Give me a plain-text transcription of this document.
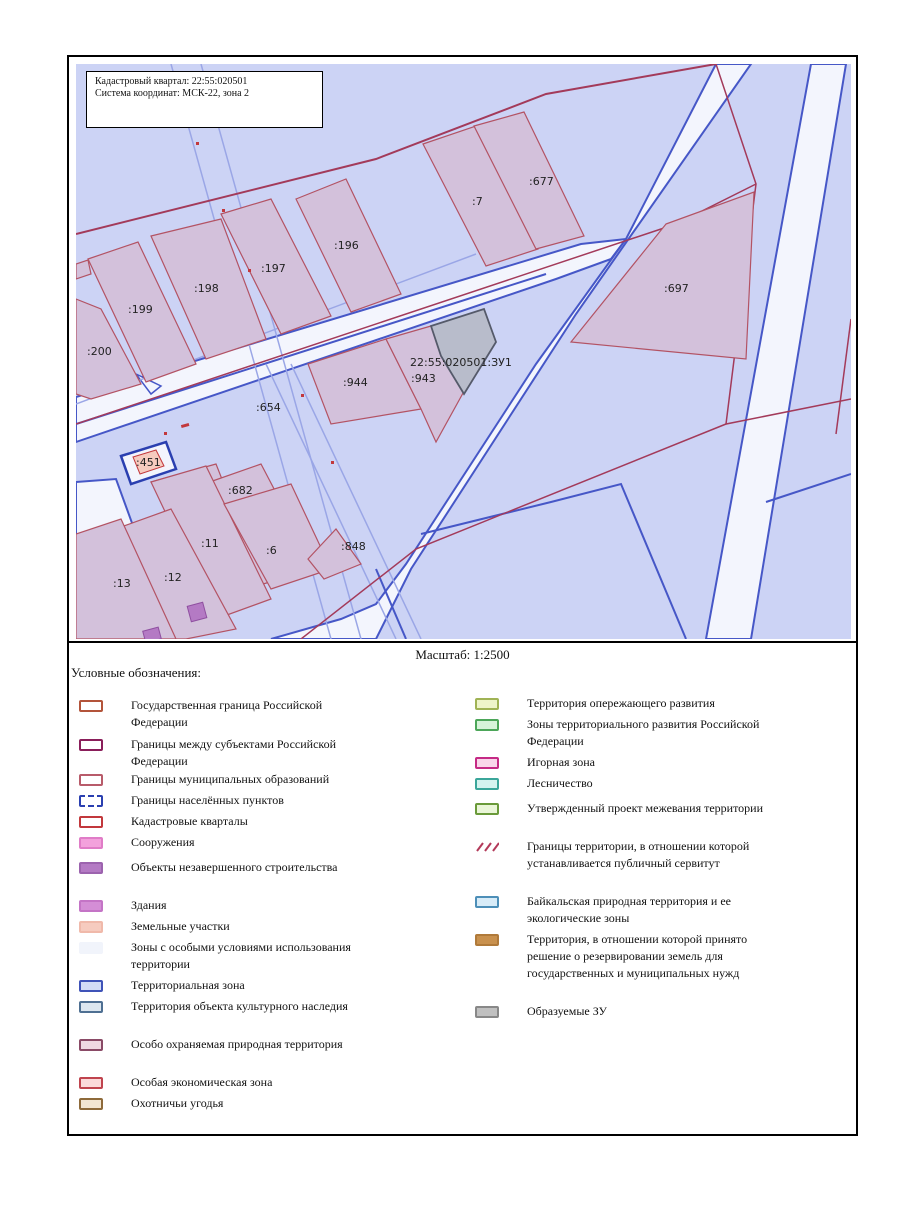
:677
:7
:196
:197
:198
:199
:200
:697
22:55:020501:ЗУ1
:943
:944
:654
:451
:682
:11
:6	:848
:12
:13
Кадастровый квартал: 22:55:020501
Система координат: МСК-22, зона 2
Масштаб: 1:2500
Условные обозначения:
Государственная граница Российской Федерации
Границы между субъектами Российской Федерации
Границы муниципальных образований
Границы населённых пунктов
Кадастровые кварталы
Сооружения
Объекты незавершенного строительства
Здания
Земельные участки
Зоны с особыми условиями использования территории
Территориальная зона
Территория объекта культурного наследия
Особо охраняемая природная территория
Особая экономическая зона
Охотничьи угодья
Территория опережающего развития
Зоны территориального развития Российской Федерации
Игорная зона
Лесничество
Утвержденный проект межевания территории
Границы территории, в отношении которой устанавливается публичный сервитут
Байкальская природная территория и ее экологические зоны
Территория, в отношении которой принято решение о резервировании земель для государственных и муниципальных нужд
Образуемые ЗУ
